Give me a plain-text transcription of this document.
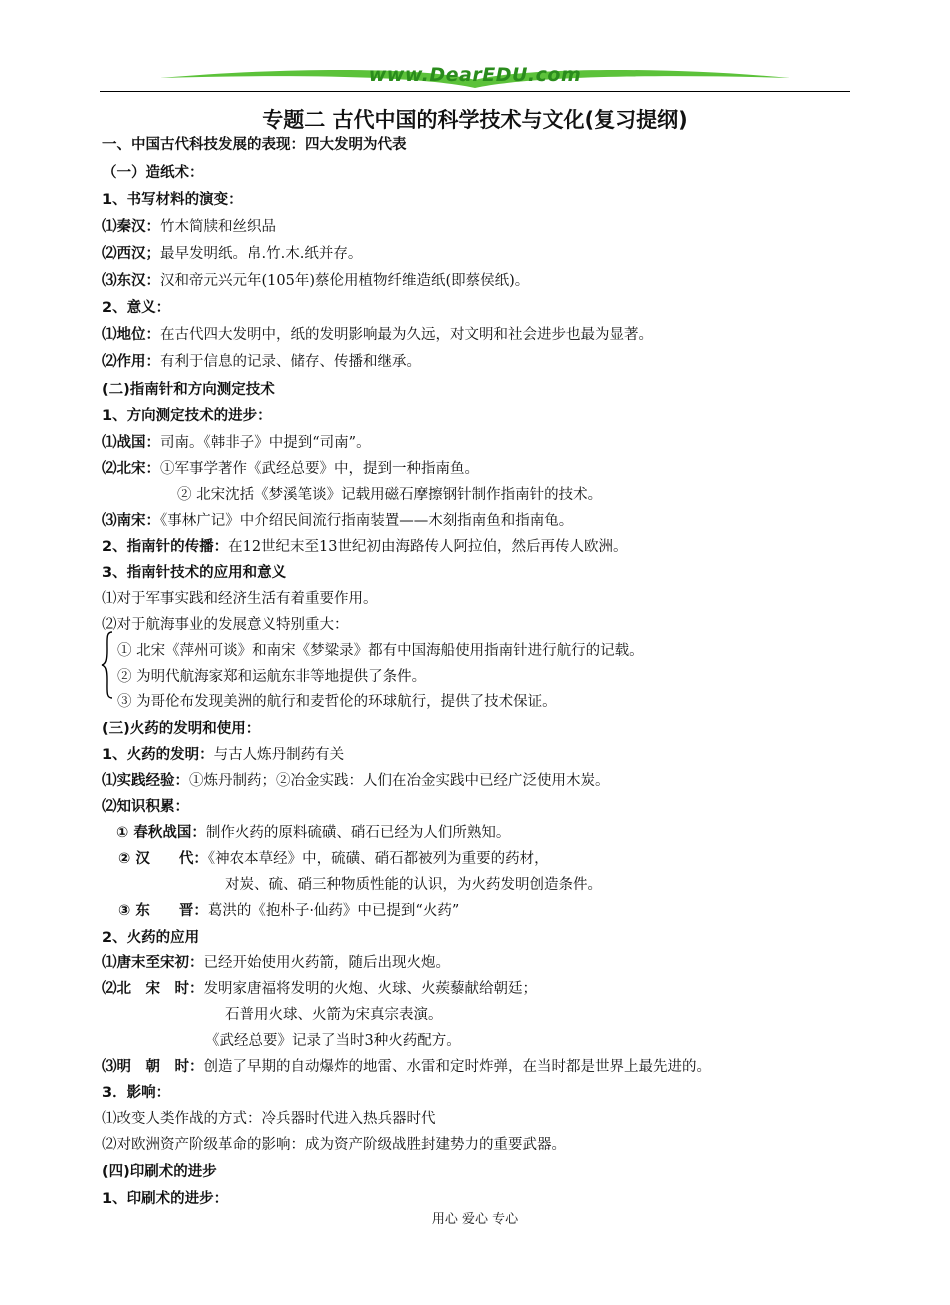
www.DearEDU.com
专题二 古代中国的科学技术与文化(复习提纲)
一、中国古代科技发展的表现：四大发明为代表
（一）造纸术：
1、书写材料的演变：
⑴秦汉：竹木简牍和丝织品
⑵西汉；最早发明纸。帛.竹.木.纸并存。
⑶东汉：汉和帝元兴元年(105年)蔡伦用植物纤维造纸(即蔡侯纸)。
2、意义：
⑴地位：在古代四大发明中，纸的发明影响最为久远，对文明和社会进步也最为显著。
⑵作用：有利于信息的记录、储存、传播和继承。
(二)指南针和方向测定技术
1、方向测定技术的进步：
⑴战国：司南。《韩非子》中提到“司南”。
⑵北宋：①军事学著作《武经总要》中，提到一种指南鱼。
② 北宋沈括《梦溪笔谈》记载用磁石摩擦钢针制作指南针的技术。
⑶南宋：《事林广记》中介绍民间流行指南装置——木刻指南鱼和指南龟。
2、指南针的传播：在12世纪末至13世纪初由海路传人阿拉伯，然后再传人欧洲。
3、指南针技术的应用和意义
⑴对于军事实践和经济生活有着重要作用。
⑵对于航海事业的发展意义特别重大：
① 北宋《萍州可谈》和南宋《梦粱录》都有中国海船使用指南针进行航行的记载。
② 为明代航海家郑和运航东非等地提供了条件。
③ 为哥伦布发现美洲的航行和麦哲伦的环球航行，提供了技术保证。
(三)火药的发明和使用：
1、火药的发明：与古人炼丹制药有关
⑴实践经验：①炼丹制药；②冶金实践：人们在冶金实践中已经广泛使用木炭。
⑵知识积累：
① 春秋战国：制作火药的原料硫磺、硝石已经为人们所熟知。
② 汉　　代：《神农本草经》中，硫磺、硝石都被列为重要的药材，
对炭、硫、硝三种物质性能的认识，为火药发明创造条件。
③ 东　　晋：葛洪的《抱朴子·仙药》中已提到“火药”
2、火药的应用
⑴唐末至宋初：已经开始使用火药箭，随后出现火炮。
⑵北　宋　时：发明家唐福将发明的火炮、火球、火蒺藜献给朝廷；
石普用火球、火箭为宋真宗表演。
《武经总要》记录了当时3种火药配方。
⑶明　朝　时：创造了早期的自动爆炸的地雷、水雷和定时炸弹，在当时都是世界上最先进的。
3．影响：
⑴改变人类作战的方式：冷兵器时代进入热兵器时代
⑵对欧洲资产阶级革命的影响：成为资产阶级战胜封建势力的重要武器。
(四)印刷术的进步
1、印刷术的进步：
用心 爱心 专心
